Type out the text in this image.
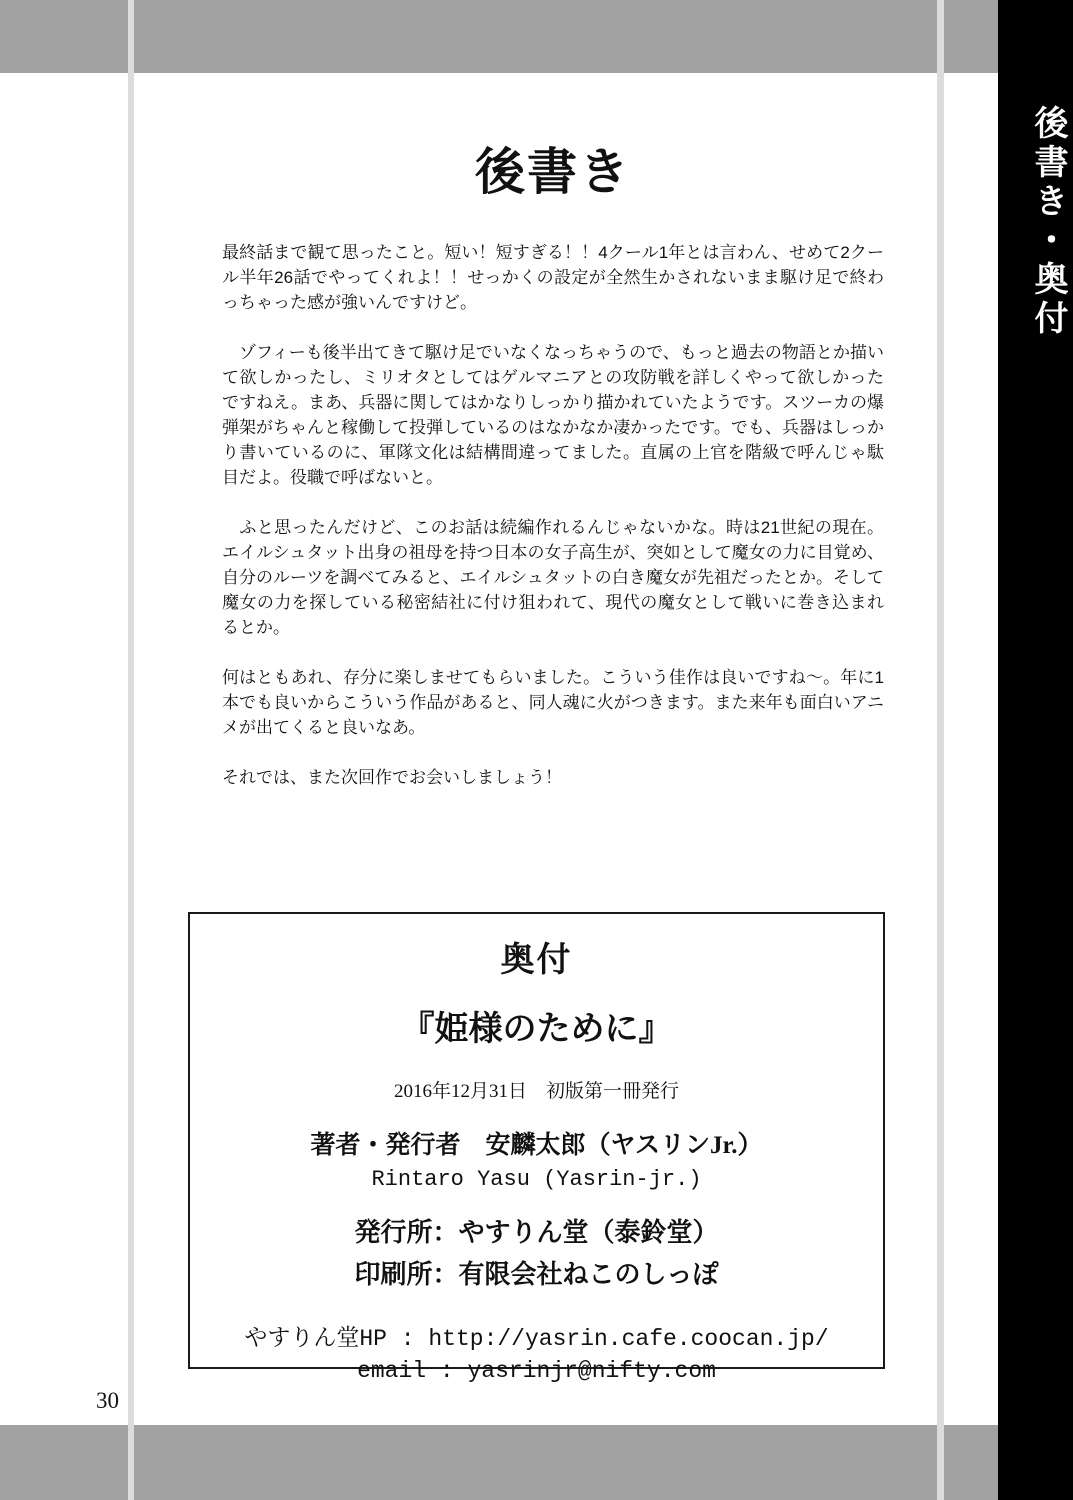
後書き・奥付
後書き

最終話まで観て思ったこと。短い！短すぎる！！4クール1年とは言わん、せめて2クール半年26話でやってくれよ！！せっかくの設定が全然生かされないまま駆け足で終わっちゃった感が強いんですけど。

　ゾフィーも後半出てきて駆け足でいなくなっちゃうので、もっと過去の物語とか描いて欲しかったし、ミリオタとしてはゲルマニアとの攻防戦を詳しくやって欲しかったですねえ。まあ、兵器に関してはかなりしっかり描かれていたようです。スツーカの爆弾架がちゃんと稼働して投弾しているのはなかなか凄かったです。でも、兵器はしっかり書いているのに、軍隊文化は結構間違ってました。直属の上官を階級で呼んじゃ駄目だよ。役職で呼ばないと。

　ふと思ったんだけど、このお話は続編作れるんじゃないかな。時は21世紀の現在。エイルシュタット出身の祖母を持つ日本の女子高生が、突如として魔女の力に目覚め、自分のルーツを調べてみると、エイルシュタットの白き魔女が先祖だったとか。そして魔女の力を探している秘密結社に付け狙われて、現代の魔女として戦いに巻き込まれるとか。

何はともあれ、存分に楽しませてもらいました。こういう佳作は良いですね～。年に1本でも良いからこういう作品があると、同人魂に火がつきます。また来年も面白いアニメが出てくると良いなあ。

それでは、また次回作でお会いしましょう！

奥付
『姫様のために』
2016年12月31日　初版第一冊発行
著者・発行者　安麟太郎（ヤスリンJr.）
Rintaro Yasu (Yasrin-jr.)
発行所：やすりん堂（泰鈴堂）
印刷所：有限会社ねこのしっぽ
やすりん堂HP : http://yasrin.cafe.coocan.jp/
email : yasrinjr@nifty.com
30
